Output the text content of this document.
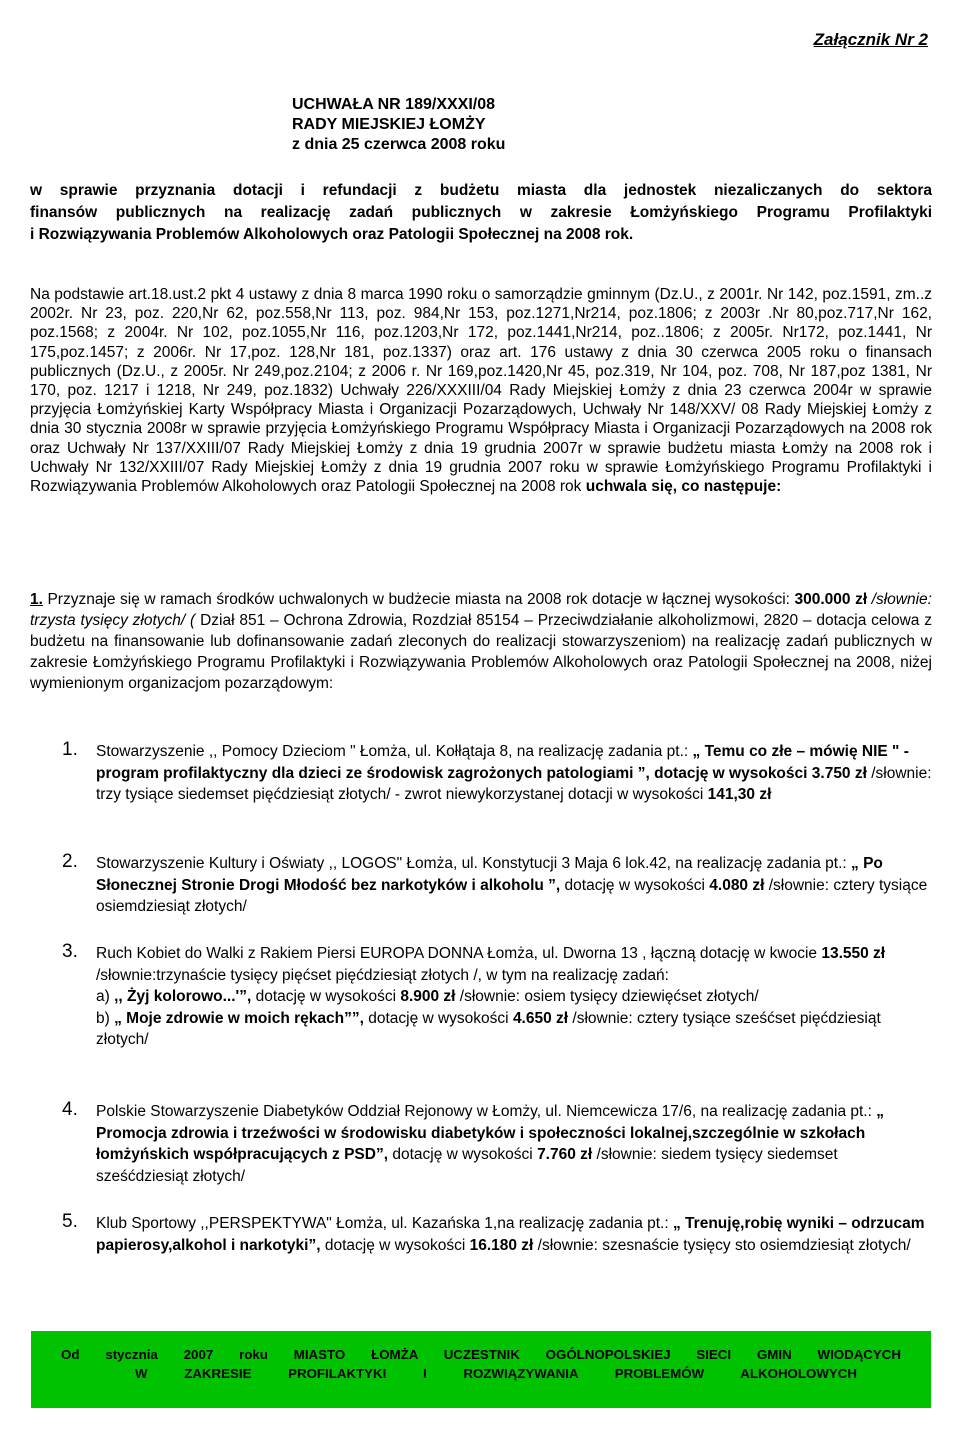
Załącznik Nr 2
UCHWAŁA NR 189/XXXI/08
RADY MIEJSKIEJ ŁOMŻY
z dnia 25 czerwca 2008 roku
w sprawie przyznania dotacji i refundacji z budżetu miasta dla jednostek niezaliczanych do sektora
finansów publicznych na realizację zadań publicznych w zakresie Łomżyńskiego Programu Profilaktyki
i Rozwiązywania Problemów Alkoholowych oraz Patologii Społecznej na 2008 rok.
Na podstawie art.18.ust.2 pkt 4 ustawy z dnia 8 marca 1990 roku o samorządzie gminnym (Dz.U., z 2001r. Nr 142, poz.1591, zm..z 2002r. Nr 23, poz. 220,Nr 62, poz.558,Nr 113, poz. 984,Nr 153, poz.1271,Nr214, poz.1806; z 2003r .Nr 80,poz.717,Nr 162, poz.1568; z 2004r. Nr 102, poz.1055,Nr 116, poz.1203,Nr 172, poz.1441,Nr214, poz..1806; z 2005r. Nr172, poz.1441, Nr 175,poz.1457; z 2006r. Nr 17,poz. 128,Nr 181, poz.1337) oraz art. 176 ustawy z dnia 30 czerwca 2005 roku o finansach publicznych (Dz.U., z 2005r. Nr 249,poz.2104; z 2006 r. Nr 169,poz.1420,Nr 45, poz.319, Nr 104, poz. 708, Nr 187,poz 1381, Nr 170, poz. 1217 i 1218, Nr 249, poz.1832) Uchwały 226/XXXIII/04 Rady Miejskiej Łomży z dnia 23 czerwca 2004r w sprawie przyjęcia Łomżyńskiej Karty Współpracy Miasta i Organizacji Pozarządowych, Uchwały Nr 148/XXV/ 08 Rady Miejskiej Łomży z dnia 30 stycznia 2008r w sprawie przyjęcia Łomżyńskiego Programu Współpracy Miasta i Organizacji Pozarządowych na 2008 rok oraz Uchwały Nr 137/XXIII/07 Rady Miejskiej Łomży z dnia 19 grudnia 2007r w sprawie budżetu miasta Łomży na 2008 rok i Uchwały Nr 132/XXIII/07 Rady Miejskiej Łomży z dnia 19 grudnia 2007 roku w sprawie Łomżyńskiego Programu Profilaktyki i Rozwiązywania Problemów Alkoholowych oraz Patologii Społecznej na 2008 rok uchwala się, co następuje:
1. Przyznaje się w ramach środków uchwalonych w budżecie miasta na 2008 rok dotacje w łącznej wysokości: 300.000 zł /słownie: trzysta tysięcy złotych/ ( Dział 851 – Ochrona Zdrowia, Rozdział 85154 – Przeciwdziałanie alkoholizmowi, 2820 – dotacja celowa z budżetu na finansowanie lub dofinansowanie zadań zleconych do realizacji stowarzyszeniom) na realizację zadań publicznych w zakresie Łomżyńskiego Programu Profilaktyki i Rozwiązywania Problemów Alkoholowych oraz Patologii Społecznej na 2008, niżej wymienionym organizacjom pozarządowym:
1. Stowarzyszenie ,, Pomocy Dzieciom " Łomża, ul. Kołłątaja 8, na realizację zadania pt.: „ Temu co złe – mówię NIE " - program profilaktyczny dla dzieci ze środowisk zagrożonych patologiami ”, dotację w wysokości 3.750 zł /słownie: trzy tysiące siedemset pięćdziesiąt złotych/ - zwrot niewykorzystanej dotacji w wysokości 141,30 zł
2. Stowarzyszenie Kultury i Oświaty ,, LOGOS" Łomża, ul. Konstytucji 3 Maja 6 lok.42, na realizację zadania pt.: „ Po Słonecznej Stronie Drogi Młodość bez narkotyków i alkoholu ”, dotację w wysokości 4.080 zł /słownie: cztery tysiące osiemdziesiąt złotych/
3. Ruch Kobiet do Walki z Rakiem Piersi EUROPA DONNA Łomża, ul. Dworna 13 , łączną dotację w kwocie 13.550 zł /słownie:trzynaście tysięcy pięćset pięćdziesiąt złotych /, w tym na realizację zadań:
a) ,, Żyj kolorowo...'”, dotację w wysokości 8.900 zł /słownie: osiem tysięcy dziewięćset złotych/
b) „ Moje zdrowie w moich rękach””, dotację w wysokości 4.650 zł /słownie: cztery tysiące sześćset pięćdziesiąt złotych/
4. Polskie Stowarzyszenie Diabetyków Oddział Rejonowy w Łomży, ul. Niemcewicza 17/6, na realizację zadania pt.: „ Promocja zdrowia i trzeźwości w środowisku diabetyków i społeczności lokalnej,szczególnie w szkołach łomżyńskich współpracujących z PSD”, dotację w wysokości 7.760 zł /słownie: siedem tysięcy siedemset sześćdziesiąt złotych/
5. Klub Sportowy ,,PERSPEKTYWA" Łomża, ul. Kazańska 1,na realizację zadania pt.: „ Trenuję,robię wyniki – odrzucam papierosy,alkohol i narkotyki”, dotację w wysokości 16.180 zł /słownie: szesnaście tysięcy sto osiemdziesiąt złotych/
Od stycznia 2007 roku MIASTO ŁOMŻA UCZESTNIK OGÓLNOPOLSKIEJ SIECI GMIN WIODĄCYCH
W ZAKRESIE PROFILAKTYKI I ROZWIĄZYWANIA PROBLEMÓW ALKOHOLOWYCH
